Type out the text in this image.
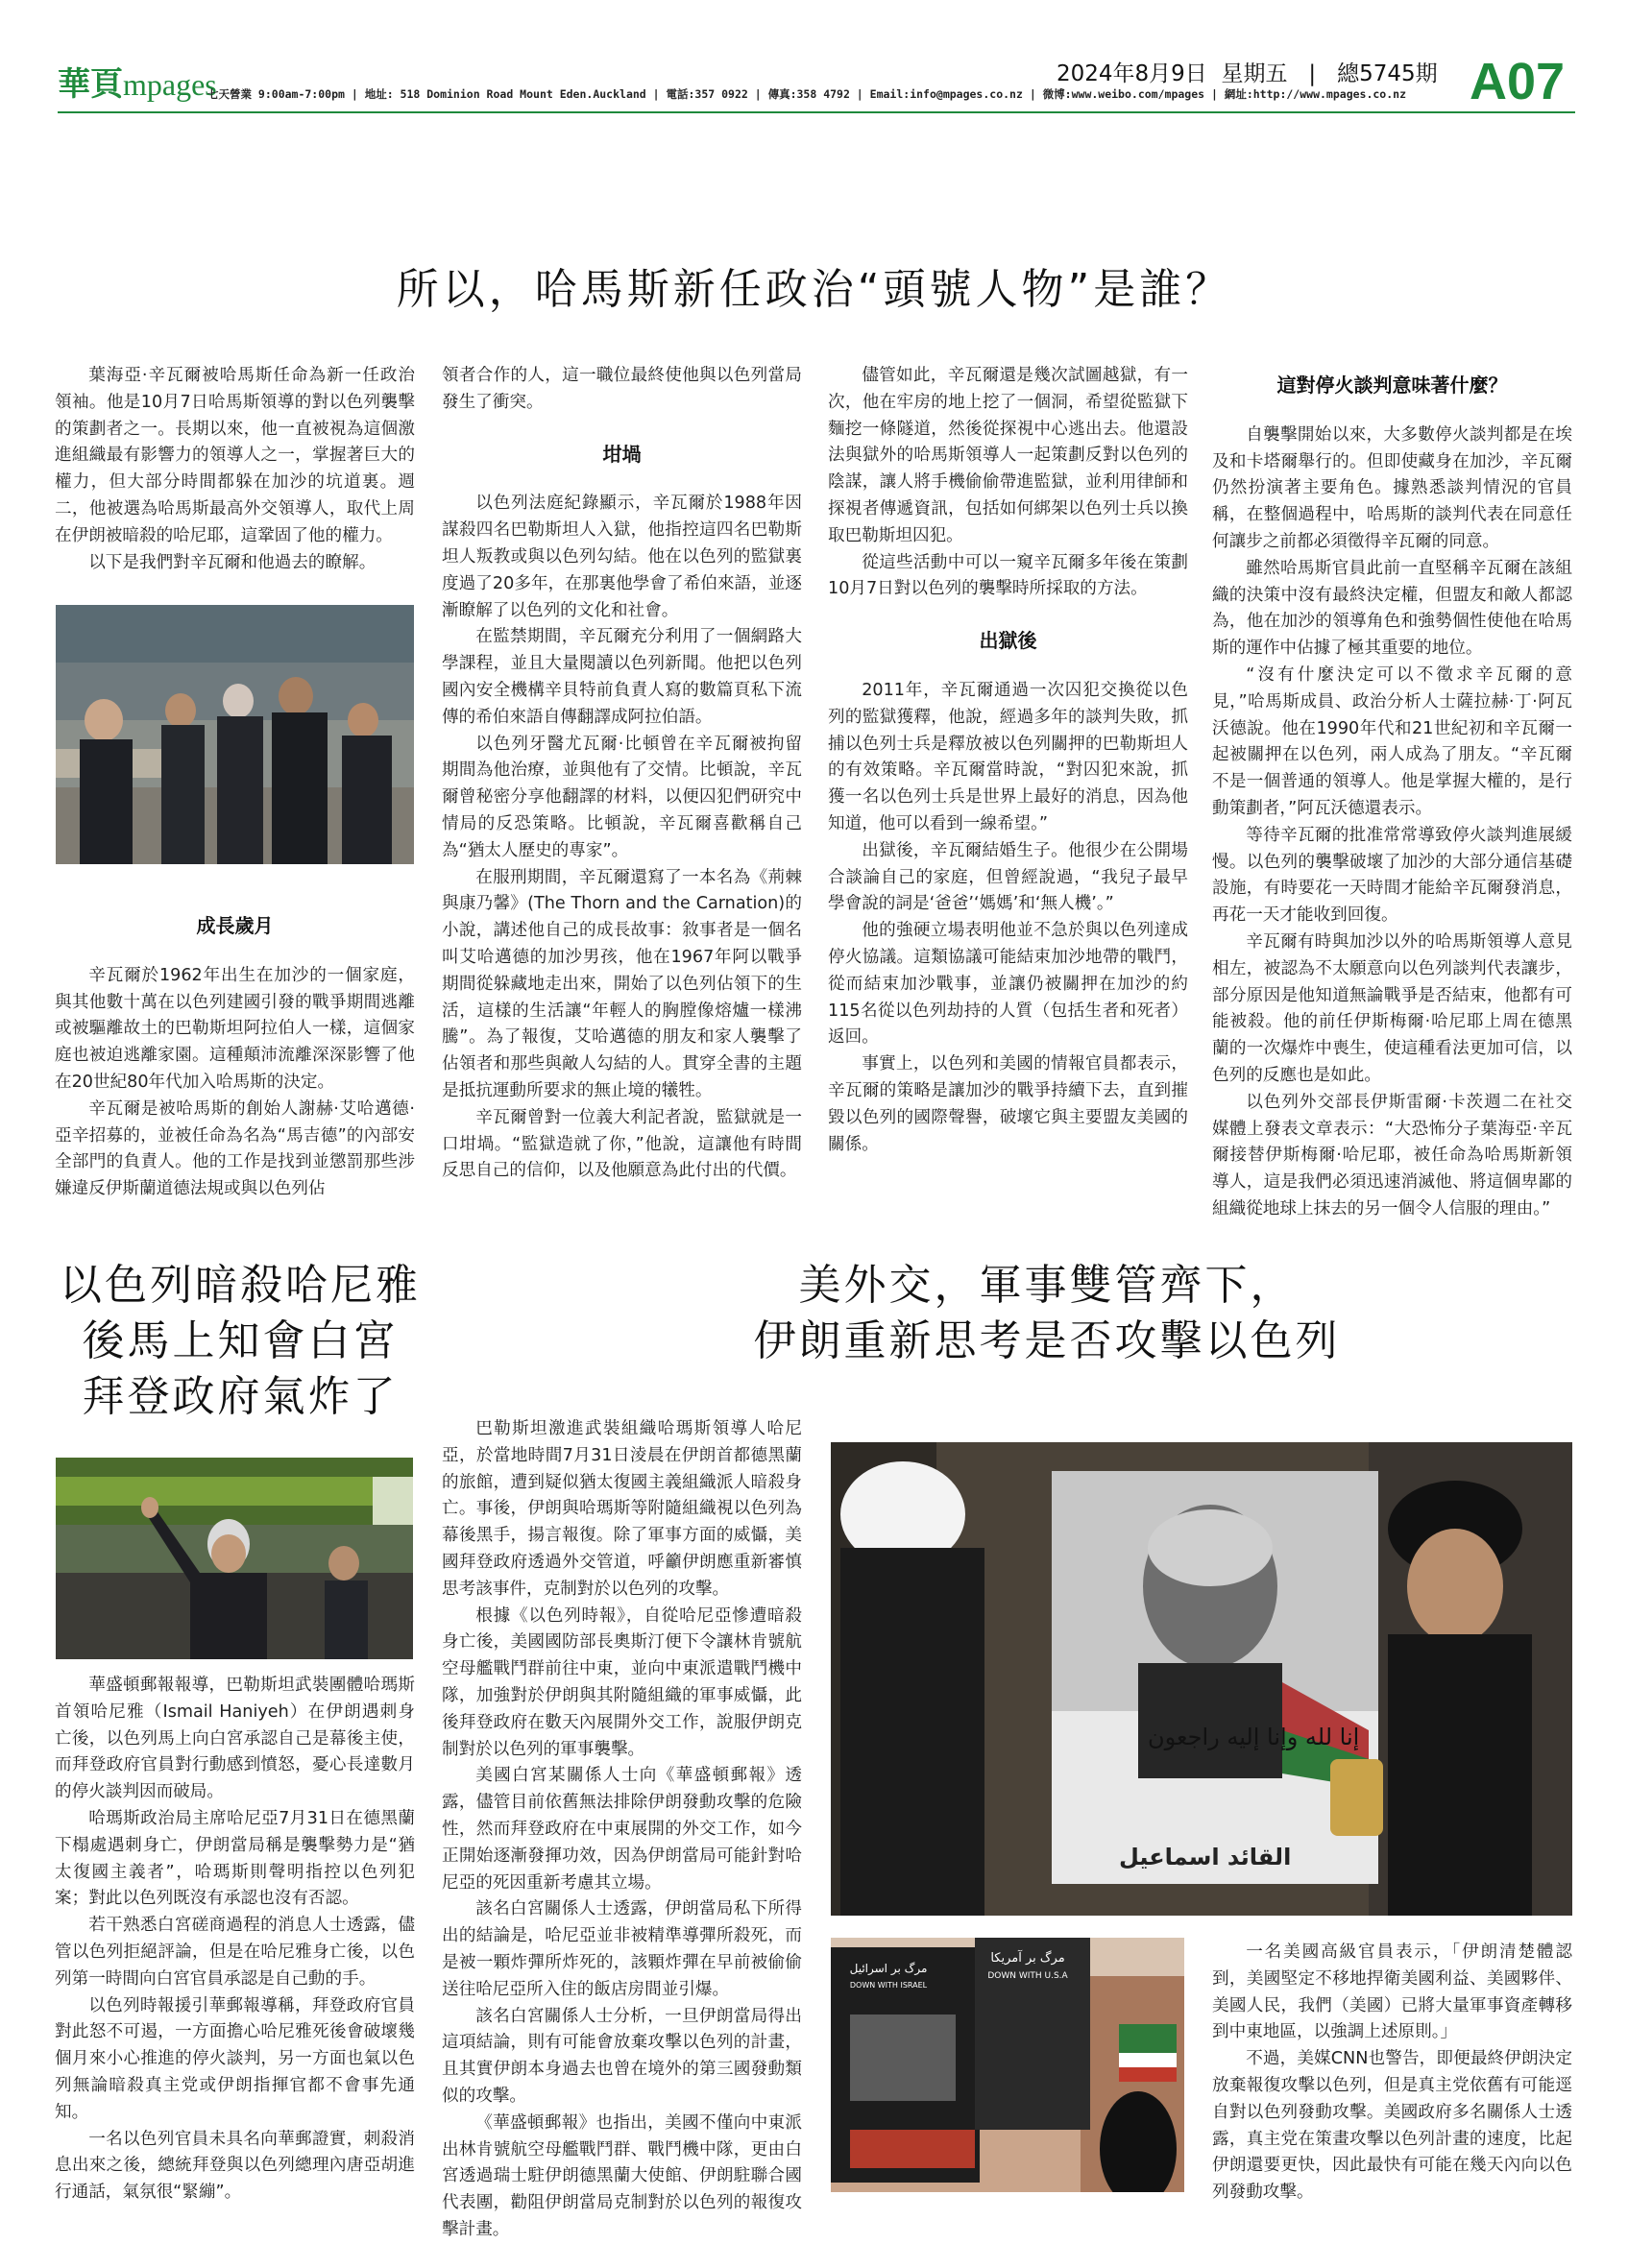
華頁mpages
七天營業 9:00am-7:00pm | 地址: 518 Dominion Road Mount Eden.Auckland | 電話:357 0922 | 傳真:358 4792 | Email:info@mpages.co.nz | 微博:www.weibo.com/mpages | 網址:http://www.mpages.co.nz
2024年8月9日 星期五   |   總5745期 A07
所以，哈馬斯新任政治“頭號人物”是誰？

葉海亞·辛瓦爾被哈馬斯任命為新一任政治領袖。他是10月7日哈馬斯領導的對以色列襲擊的策劃者之一。長期以來，他一直被視為這個激進組織最有影響力的領導人之一，掌握著巨大的權力，但大部分時間都躲在加沙的坑道裏。週二，他被選為哈馬斯最高外交領導人，取代上周在伊朗被暗殺的哈尼耶，這鞏固了他的權力。

以下是我們對辛瓦爾和他過去的瞭解。

成長歲月

辛瓦爾於1962年出生在加沙的一個家庭，與其他數十萬在以色列建國引發的戰爭期間逃離或被驅離故土的巴勒斯坦阿拉伯人一樣，這個家庭也被迫逃離家園。這種顛沛流離深深影響了他在20世紀80年代加入哈馬斯的決定。

辛瓦爾是被哈馬斯的創始人謝赫·艾哈邁德·亞辛招募的，並被任命為名為“馬吉德”的內部安全部門的負責人。他的工作是找到並懲罰那些涉嫌違反伊斯蘭道德法規或與以色列佔

領者合作的人，這一職位最終使他與以色列當局發生了衝突。
坩堝

以色列法庭紀錄顯示，辛瓦爾於1988年因謀殺四名巴勒斯坦人入獄，他指控這四名巴勒斯坦人叛教或與以色列勾結。他在以色列的監獄裏度過了20多年，在那裏他學會了希伯來語，並逐漸瞭解了以色列的文化和社會。

在監禁期間，辛瓦爾充分利用了一個網路大學課程，並且大量閱讀以色列新聞。他把以色列國內安全機構辛貝特前負責人寫的數篇頁私下流傳的希伯來語自傳翻譯成阿拉伯語。

以色列牙醫尤瓦爾·比頓曾在辛瓦爾被拘留期間為他治療，並與他有了交情。比頓說，辛瓦爾曾秘密分享他翻譯的材料，以便囚犯們研究中情局的反恐策略。比頓說，辛瓦爾喜歡稱自己為“猶太人歷史的專家”。

在服刑期間，辛瓦爾還寫了一本名為《荊棘與康乃馨》(The Thorn and the Carnation)的小說，講述他自己的成長故事：敘事者是一個名叫艾哈邁德的加沙男孩，他在1967年阿以戰爭期間從躲藏地走出來，開始了以色列佔領下的生活，這樣的生活讓“年輕人的胸膛像熔爐一樣沸騰”。為了報復，艾哈邁德的朋友和家人襲擊了佔領者和那些與敵人勾結的人。貫穿全書的主題是抵抗運動所要求的無止境的犧牲。

辛瓦爾曾對一位義大利記者說，監獄就是一口坩堝。“監獄造就了你，”他說，這讓他有時間反思自己的信仰，以及他願意為此付出的代價。

儘管如此，辛瓦爾還是幾次試圖越獄，有一次，他在牢房的地上挖了一個洞，希望從監獄下麵挖一條隧道，然後從探視中心逃出去。他還設法與獄外的哈馬斯領導人一起策劃反對以色列的陰謀，讓人將手機偷偷帶進監獄，並利用律師和探視者傳遞資訊，包括如何綁架以色列士兵以換取巴勒斯坦囚犯。

從這些活動中可以一窺辛瓦爾多年後在策劃10月7日對以色列的襲擊時所採取的方法。

出獄後

2011年，辛瓦爾通過一次囚犯交換從以色列的監獄獲釋，他說，經過多年的談判失敗，抓捕以色列士兵是釋放被以色列關押的巴勒斯坦人的有效策略。辛瓦爾當時說，“對囚犯來說，抓獲一名以色列士兵是世界上最好的消息，因為他知道，他可以看到一線希望。”

出獄後，辛瓦爾結婚生子。他很少在公開場合談論自己的家庭，但曾經說過，“我兒子最早學會說的詞是‘爸爸’‘媽媽’和‘無人機’。”

他的強硬立場表明他並不急於與以色列達成停火協議。這類協議可能結束加沙地帶的戰鬥，從而結束加沙戰事，並讓仍被關押在加沙的約115名從以色列劫持的人質（包括生者和死者）返回。

事實上，以色列和美國的情報官員都表示，辛瓦爾的策略是讓加沙的戰爭持續下去，直到摧毀以色列的國際聲譽，破壞它與主要盟友美國的關係。

這對停火談判意味著什麼？

自襲擊開始以來，大多數停火談判都是在埃及和卡塔爾舉行的。但即使藏身在加沙，辛瓦爾仍然扮演著主要角色。據熟悉談判情況的官員稱，在整個過程中，哈馬斯的談判代表在同意任何讓步之前都必須徵得辛瓦爾的同意。

雖然哈馬斯官員此前一直堅稱辛瓦爾在該組織的決策中沒有最終決定權，但盟友和敵人都認為，他在加沙的領導角色和強勢個性使他在哈馬斯的運作中佔據了極其重要的地位。

“沒有什麼決定可以不徵求辛瓦爾的意見，”哈馬斯成員、政治分析人士薩拉赫·丁·阿瓦沃德說。他在1990年代和21世紀初和辛瓦爾一起被關押在以色列，兩人成為了朋友。“辛瓦爾不是一個普通的領導人。他是掌握大權的，是行動策劃者，”阿瓦沃德還表示。

等待辛瓦爾的批准常常導致停火談判進展緩慢。以色列的襲擊破壞了加沙的大部分通信基礎設施，有時要花一天時間才能給辛瓦爾發消息，再花一天才能收到回復。

辛瓦爾有時與加沙以外的哈馬斯領導人意見相左，被認為不太願意向以色列談判代表讓步，部分原因是他知道無論戰爭是否結束，他都有可能被殺。他的前任伊斯梅爾·哈尼耶上周在德黑蘭的一次爆炸中喪生，使這種看法更加可信，以色列的反應也是如此。

以色列外交部長伊斯雷爾·卡茨週二在社交媒體上發表文章表示：“大恐怖分子葉海亞·辛瓦爾接替伊斯梅爾·哈尼耶，被任命為哈馬斯新領導人，這是我們必須迅速消滅他、將這個卑鄙的組織從地球上抹去的另一個令人信服的理由。”

以色列暗殺哈尼雅
後馬上知會白宮
拜登政府氣炸了

華盛頓郵報報導，巴勒斯坦武裝團體哈瑪斯首領哈尼雅（Ismail Haniyeh）在伊朗遇刺身亡後，以色列馬上向白宮承認自己是幕後主使，而拜登政府官員對行動感到憤怒，憂心長達數月的停火談判因而破局。

哈瑪斯政治局主席哈尼亞7月31日在德黑蘭下榻處遇刺身亡，伊朗當局稱是襲擊勢力是“猶太復國主義者”，哈瑪斯則聲明指控以色列犯案；對此以色列既沒有承認也沒有否認。

若干熟悉白宮磋商過程的消息人士透露，儘管以色列拒絕評論，但是在哈尼雅身亡後，以色列第一時間向白宮官員承認是自己動的手。

以色列時報援引華郵報導稱，拜登政府官員對此怒不可遏，一方面擔心哈尼雅死後會破壞幾個月來小心推進的停火談判，另一方面也氣以色列無論暗殺真主党或伊朗指揮官都不會事先通知。

一名以色列官員未具名向華郵證實，刺殺消息出來之後，總統拜登與以色列總理內唐亞胡進行通話，氣氛很“緊繃”。

美外交，軍事雙管齊下，
伊朗重新思考是否攻擊以色列

巴勒斯坦激進武裝組織哈瑪斯領導人哈尼亞，於當地時間7月31日淩晨在伊朗首都德黑蘭的旅館，遭到疑似猶太復國主義組織派人暗殺身亡。事後，伊朗與哈瑪斯等附隨組織視以色列為幕後黑手，揚言報復。除了軍事方面的威懾，美國拜登政府透過外交管道，呼籲伊朗應重新審慎思考該事件，克制對於以色列的攻擊。

根據《以色列時報》，自從哈尼亞慘遭暗殺身亡後，美國國防部長奧斯汀便下令讓林肯號航空母艦戰鬥群前往中東，並向中東派遣戰鬥機中隊，加強對於伊朗與其附隨組織的軍事威懾，此後拜登政府在數天內展開外交工作，說服伊朗克制對於以色列的軍事襲擊。

美國白宮某關係人士向《華盛頓郵報》透露，儘管目前依舊無法排除伊朗發動攻擊的危險性，然而拜登政府在中東展開的外交工作，如今正開始逐漸發揮功效，因為伊朗當局可能針對哈尼亞的死因重新考慮其立場。

該名白宮關係人士透露，伊朗當局私下所得出的結論是，哈尼亞並非被精準導彈所殺死，而是被一顆炸彈所炸死的，該顆炸彈在早前被偷偷送往哈尼亞所入住的飯店房間並引爆。

該名白宮關係人士分析，一旦伊朗當局得出這項結論，則有可能會放棄攻擊以色列的計畫，且其實伊朗本身過去也曾在境外的第三國發動類似的攻擊。

《華盛頓郵報》也指出，美國不僅向中東派出林肯號航空母艦戰鬥群、戰鬥機中隊，更由白宮透過瑞士駐伊朗德黑蘭大使館、伊朗駐聯合國代表團，勸阻伊朗當局克制對於以色列的報復攻擊計畫。

إنا لله وإنا إليه راجعون
القائد اسماعيل
مرگ بر آمریکا
DOWN WITH U.S.A
مرگ بر اسرائیل
DOWN WITH ISRAEL

一名美國高級官員表示，「伊朗清楚體認到，美國堅定不移地捍衛美國利益、美國夥伴、美國人民，我們（美國）已將大量軍事資產轉移到中東地區，以強調上述原則。」

不過，美媒CNN也警告，即便最終伊朗決定放棄報復攻擊以色列，但是真主党依舊有可能逕自對以色列發動攻擊。美國政府多名關係人士透露，真主党在策畫攻擊以色列計畫的速度，比起伊朗還要更快，因此最快有可能在幾天內向以色列發動攻擊。
